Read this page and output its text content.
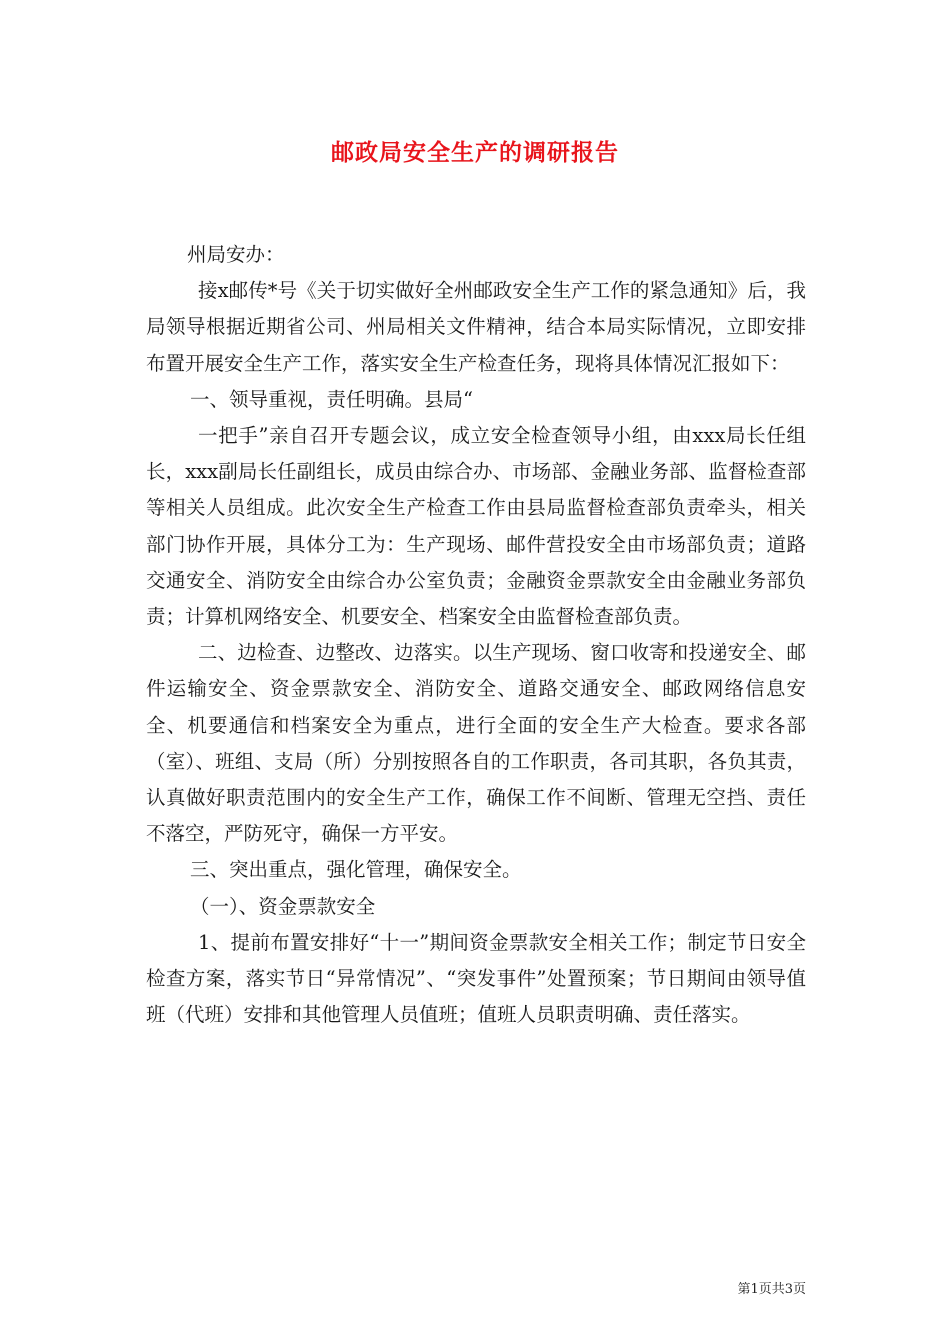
邮政局安全生产的调研报告

州局安办：

接x邮传*号《关于切实做好全州邮政安全生产工作的紧急通知》后，我局领导根据近期省公司、州局相关文件精神，结合本局实际情况，立即安排布置开展安全生产工作，落实安全生产检查任务，现将具体情况汇报如下：

一、领导重视，责任明确。县局“

一把手”亲自召开专题会议，成立安全检查领导小组，由xxx局长任组长，xxx副局长任副组长，成员由综合办、市场部、金融业务部、监督检查部等相关人员组成。此次安全生产检查工作由县局监督检查部负责牵头，相关部门协作开展，具体分工为：生产现场、邮件营投安全由市场部负责；道路交通安全、消防安全由综合办公室负责；金融资金票款安全由金融业务部负责；计算机网络安全、机要安全、档案安全由监督检查部负责。

二、边检查、边整改、边落实。以生产现场、窗口收寄和投递安全、邮件运输安全、资金票款安全、消防安全、道路交通安全、邮政网络信息安全、机要通信和档案安全为重点，进行全面的安全生产大检查。要求各部（室）、班组、支局（所）分别按照各自的工作职责，各司其职，各负其责，认真做好职责范围内的安全生产工作，确保工作不间断、管理无空挡、责任不落空，严防死守，确保一方平安。

三、突出重点，强化管理，确保安全。

（一）、资金票款安全

1、提前布置安排好“十一”期间资金票款安全相关工作；制定节日安全检查方案，落实节日“异常情况”、“突发事件”处置预案；节日期间由领导值班（代班）安排和其他管理人员值班；值班人员职责明确、责任落实。

第1页共3页
